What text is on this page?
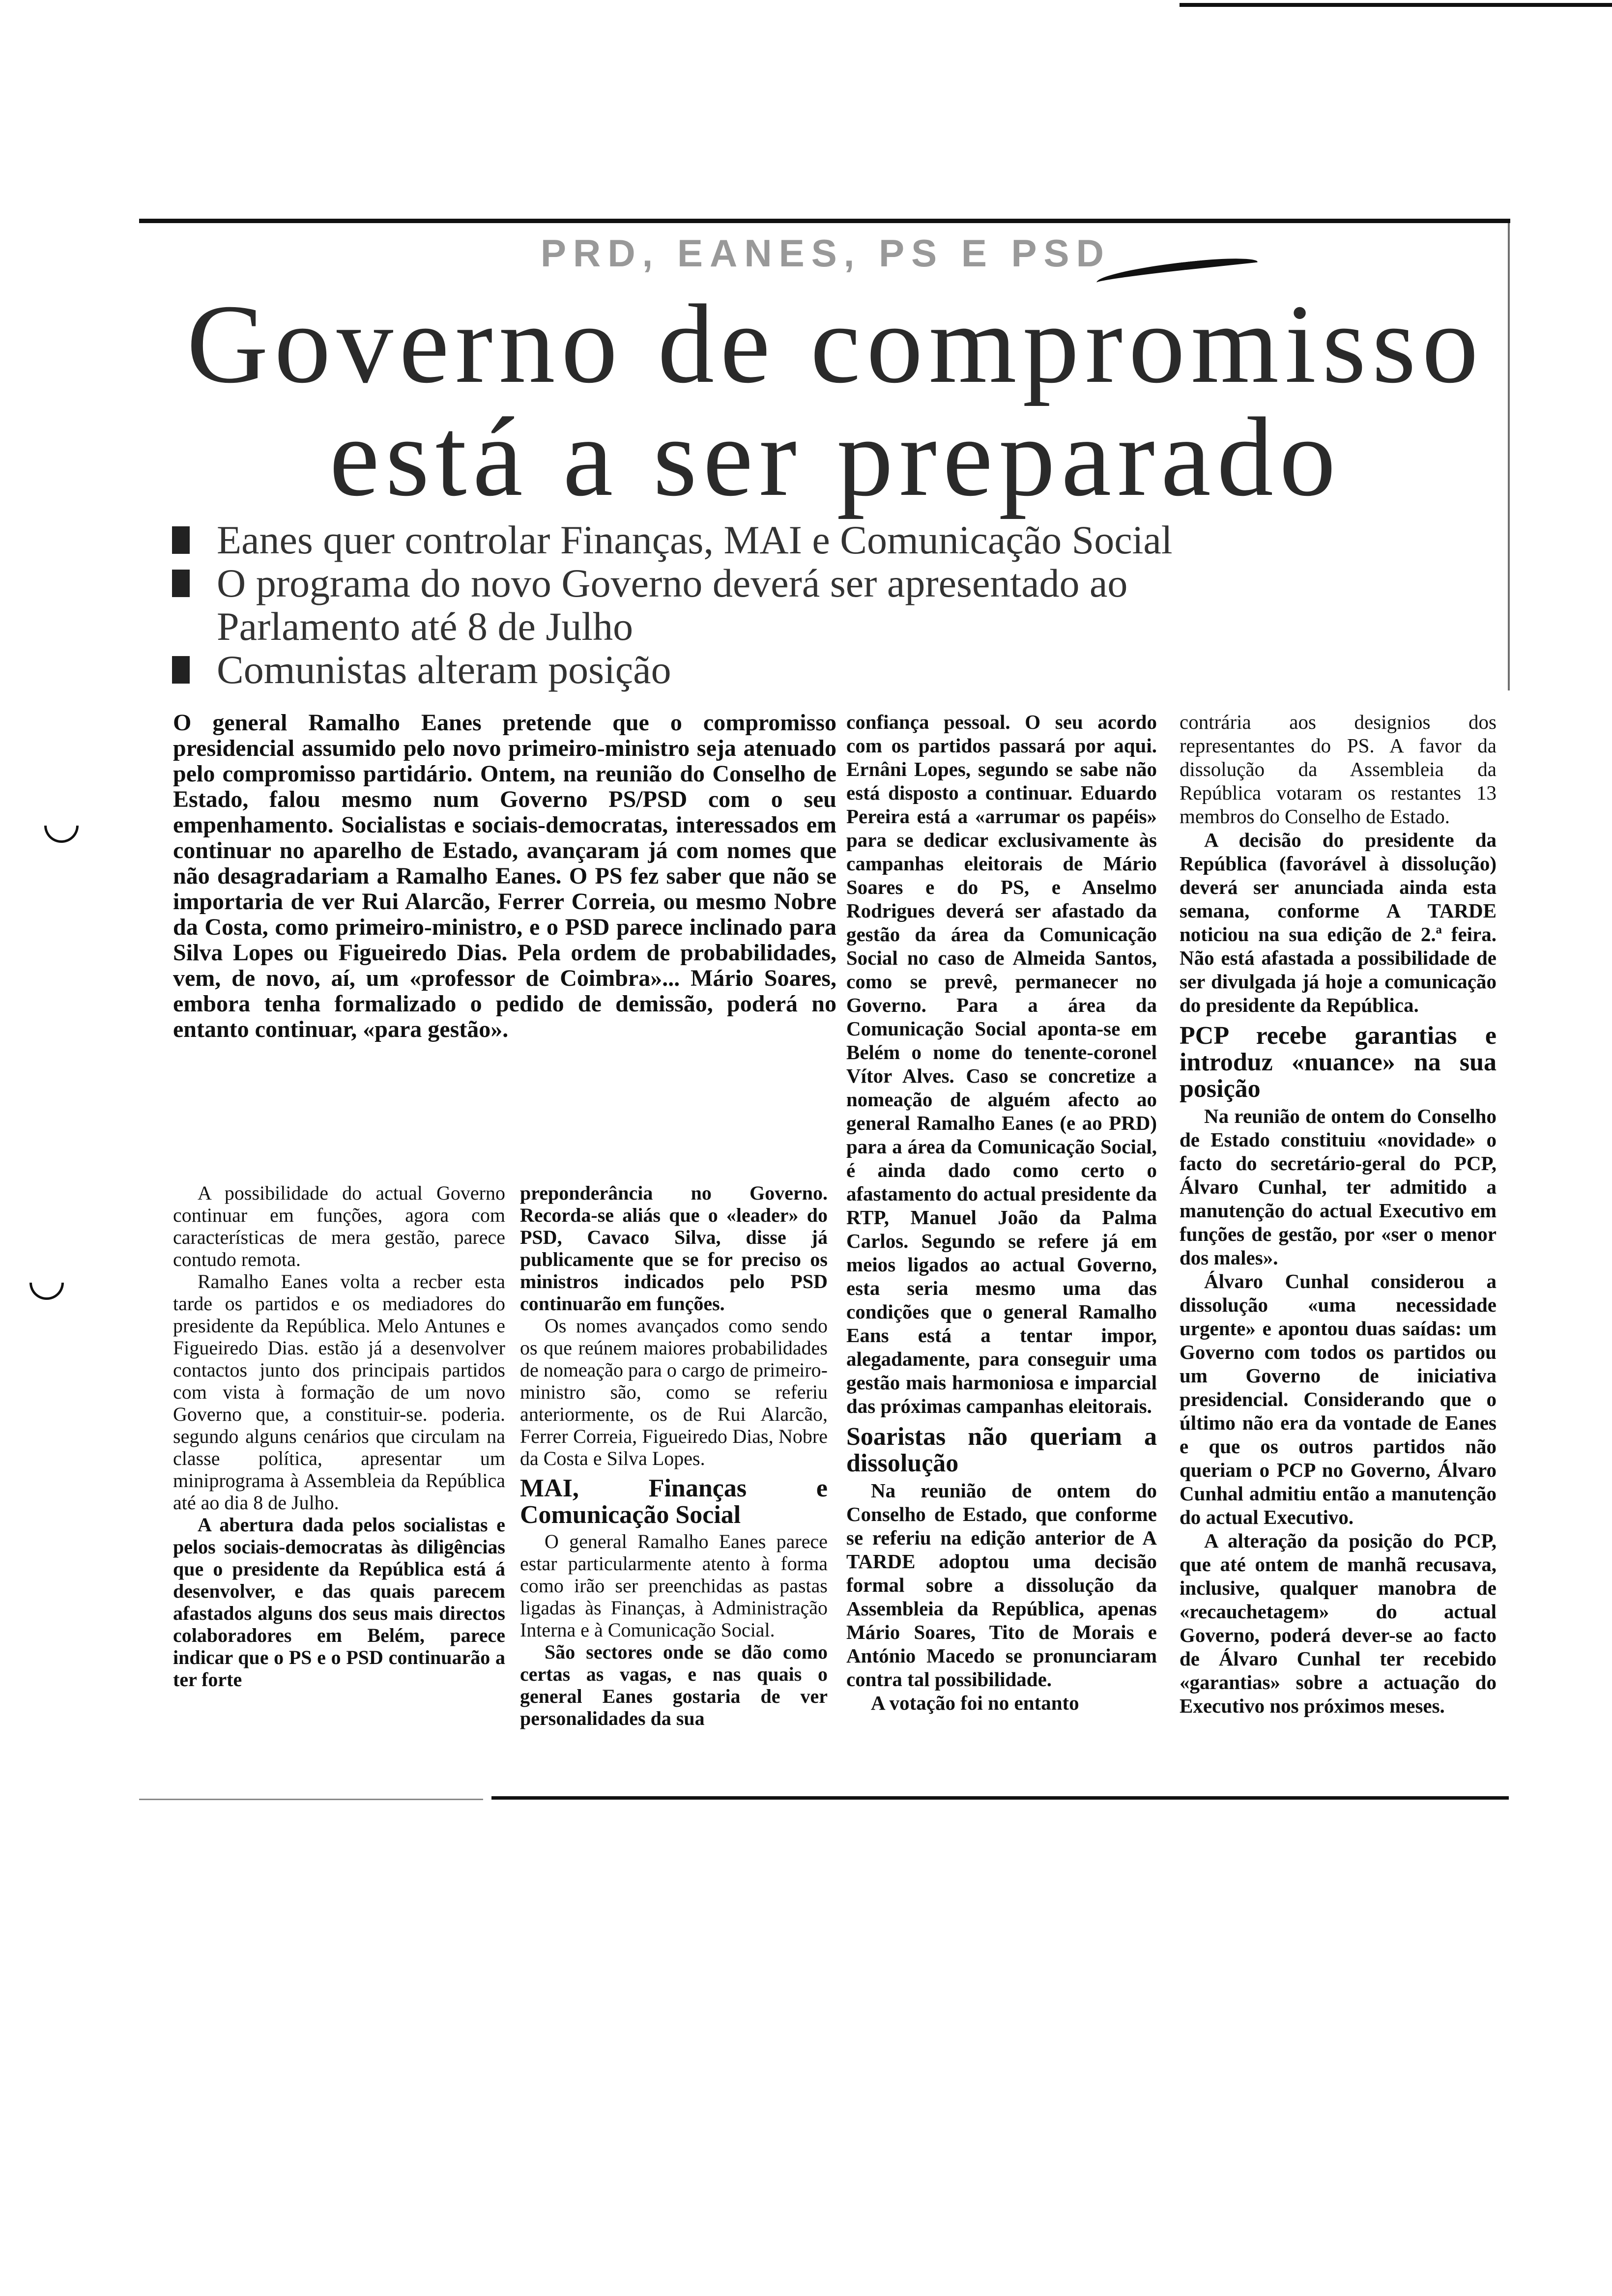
PRD, EANES, PS E PSD
Governo de compromisso
está a ser preparado
Eanes quer controlar Finanças, MAI e Comunicação Social
O programa do novo Governo deverá ser apresentado ao Parlamento até 8 de Julho
Comunistas alteram posição
O general Ramalho Eanes pretende que o compromisso presidencial assumido pelo novo primeiro-ministro seja atenuado pelo compromisso partidário. Ontem, na reunião do Conselho de Estado, falou mesmo num Governo PS/PSD com o seu empenhamento. Socialistas e sociais-democratas, interessados em continuar no aparelho de Estado, avançaram já com nomes que não desagradariam a Ramalho Eanes. O PS fez saber que não se importaria de ver Rui Alarcão, Ferrer Correia, ou mesmo Nobre da Costa, como primeiro-ministro, e o PSD parece inclinado para Silva Lopes ou Figueiredo Dias. Pela ordem de probabilidades, vem, de novo, aí, um «professor de Coimbra»... Mário Soares, embora tenha formalizado o pedido de demissão, poderá no entanto continuar, «para gestão».

A possibilidade do actual Governo continuar em funções, agora com características de mera gestão, parece contudo remota.

Ramalho Eanes volta a recber esta tarde os partidos e os mediadores do presidente da República. Melo Antunes e Figueiredo Dias. estão já a desenvolver contactos junto dos principais partidos com vista à formação de um novo Governo que, a constituir-se. poderia. segundo alguns cenários que circulam na classe política, apresentar um miniprograma à Assembleia da República até ao dia 8 de Julho.

A abertura dada pelos socialistas e pelos sociais-democratas às diligências que o presidente da República está á desenvolver, e das quais parecem afastados alguns dos seus mais directos colaboradores em Belém, parece indicar que o PS e o PSD continuarão a ter forte

preponderância no Governo. Recorda-se aliás que o «leader» do PSD, Cavaco Silva, disse já publicamente que se for preciso os ministros indicados pelo PSD continuarão em funções.

Os nomes avançados como sendo os que reúnem maiores probabilidades de nomeação para o cargo de primeiro-ministro são, como se referiu anteriormente, os de Rui Alarcão, Ferrer Correia, Figueiredo Dias, Nobre da Costa e Silva Lopes.

MAI, Finanças e Comunicação Social

O general Ramalho Eanes parece estar particularmente atento à forma como irão ser preenchidas as pastas ligadas às Finanças, à Administração Interna e à Comunicação Social.

São sectores onde se dão como certas as vagas, e nas quais o general Eanes gostaria de ver personalidades da sua

confiança pessoal. O seu acordo com os partidos passará por aqui. Ernâni Lopes, segundo se sabe não está disposto a continuar. Eduardo Pereira está a «arrumar os papéis» para se dedicar exclusivamente às campanhas eleitorais de Mário Soares e do PS, e Anselmo Rodrigues deverá ser afastado da gestão da área da Comunicação Social no caso de Almeida Santos, como se prevê, permanecer no Governo. Para a área da Comunicação Social aponta-se em Belém o nome do tenente-coronel Vítor Alves. Caso se concretize a nomeação de alguém afecto ao general Ramalho Eanes (e ao PRD) para a área da Comunicação Social, é ainda dado como certo o afastamento do actual presidente da RTP, Manuel João da Palma Carlos. Segundo se refere já em meios ligados ao actual Governo, esta seria mesmo uma das condições que o general Ramalho Eans está a tentar impor, alegadamente, para conseguir uma gestão mais harmoniosa e imparcial das próximas campanhas eleitorais.

Soaristas não queriam a dissolução

Na reunião de ontem do Conselho de Estado, que conforme se referiu na edição anterior de A TARDE adoptou uma decisão formal sobre a dissolução da Assembleia da República, apenas Mário Soares, Tito de Morais e António Macedo se pronunciaram contra tal possibilidade.

A votação foi no entanto

contrária aos designios dos representantes do PS. A favor da dissolução da Assembleia da República votaram os restantes 13 membros do Conselho de Estado.

A decisão do presidente da República (favorável à dissolução) deverá ser anunciada ainda esta semana, conforme A TARDE noticiou na sua edição de 2.ª feira. Não está afastada a possibilidade de ser divulgada já hoje a comunicação do presidente da República.

PCP recebe garantias e introduz «nuance» na sua posição

Na reunião de ontem do Conselho de Estado constituiu «novidade» o facto do secretário-geral do PCP, Álvaro Cunhal, ter admitido a manutenção do actual Executivo em funções de gestão, por «ser o menor dos males».

Álvaro Cunhal considerou a dissolução «uma necessidade urgente» e apontou duas saídas: um Governo com todos os partidos ou um Governo de iniciativa presidencial. Considerando que o último não era da vontade de Eanes e que os outros partidos não queriam o PCP no Governo, Álvaro Cunhal admitiu então a manutenção do actual Executivo.

A alteração da posição do PCP, que até ontem de manhã recusava, inclusive, qualquer manobra de «recauchetagem» do actual Governo, poderá dever-se ao facto de Álvaro Cunhal ter recebido «garantias» sobre a actuação do Executivo nos próximos meses.
